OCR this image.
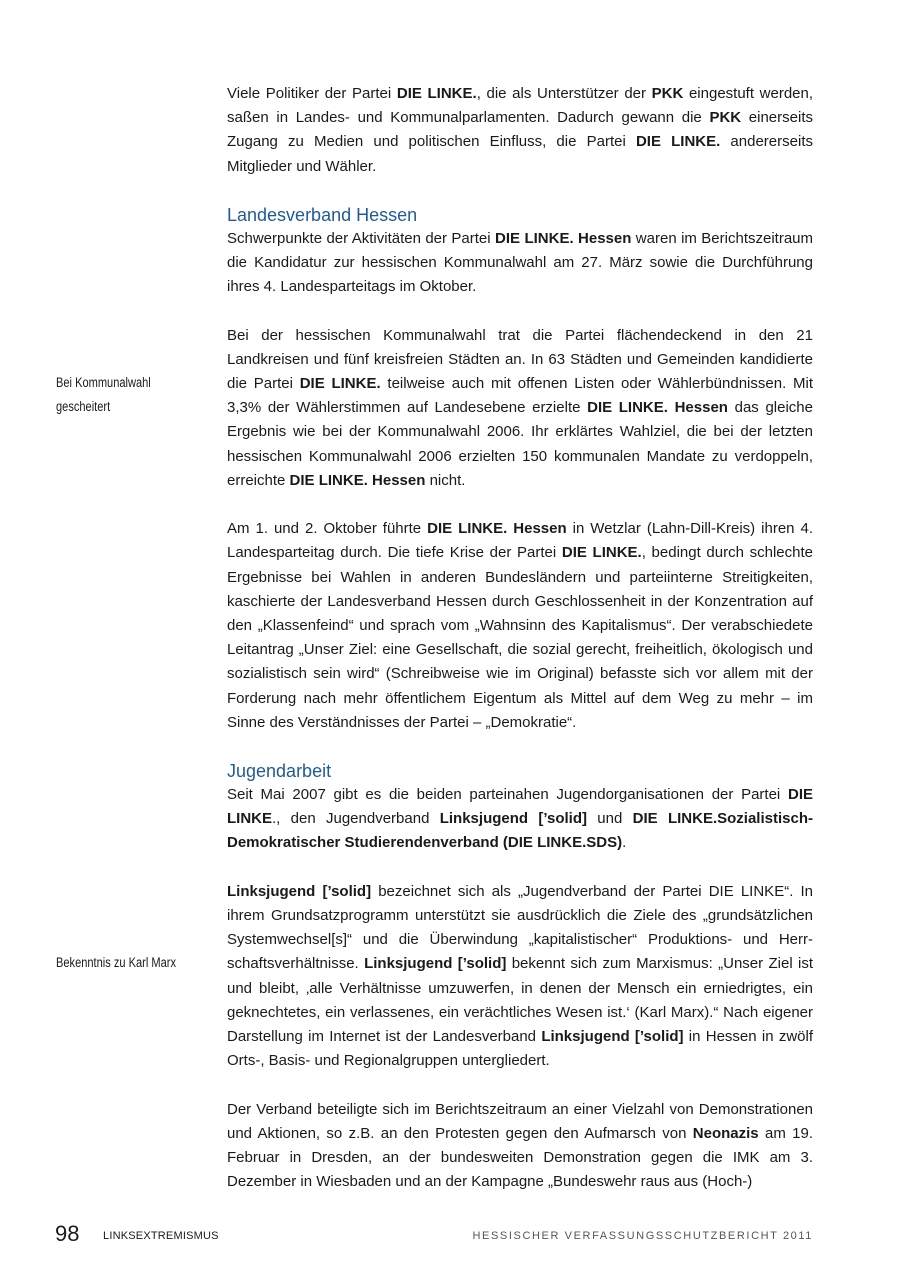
Viele Politiker der Partei DIE LINKE., die als Unterstützer der PKK eingestuft werden, saßen in Landes- und Kommunalparlamenten. Dadurch gewann die PKK einerseits Zugang zu Medien und politischen Einfluss, die Partei DIE LINKE. andererseits Mitglieder und Wähler.

Landesverband Hessen

Schwerpunkte der Aktivitäten der Partei DIE LINKE. Hessen waren im Berichtszeitraum die Kandidatur zur hessischen Kommunalwahl am 27. März sowie die Durchführung ihres 4. Landesparteitags im Oktober.

Bei der hessischen Kommunalwahl trat die Partei flächendeckend in den 21 Landkreisen und fünf kreisfreien Städten an. In 63 Städten und Gemeinden kandidierte die Partei DIE LINKE. teilweise auch mit offenen Listen oder Wählerbündnissen. Mit 3,3% der Wählerstimmen auf Landesebene erzielte DIE LINKE. Hessen das gleiche Ergebnis wie bei der Kommunalwahl 2006. Ihr erklärtes Wahlziel, die bei der letzten hessischen Kommunalwahl 2006 erzielten 150 kommunalen Mandate zu verdoppeln, erreichte DIE LINKE. Hessen nicht.

Am 1. und 2. Oktober führte DIE LINKE. Hessen in Wetzlar (Lahn-Dill-Kreis) ihren 4. Landesparteitag durch. Die tiefe Krise der Partei DIE LINKE., bedingt durch schlechte Ergebnisse bei Wahlen in anderen Bundesländern und parteiinterne Streitigkeiten, kaschierte der Landesverband Hessen durch Geschlossenheit in der Konzentration auf den „Klassenfeind“ und sprach vom „Wahnsinn des Kapitalismus“. Der verabschiedete Leitantrag „Unser Ziel: eine Gesellschaft, die sozial gerecht, freiheitlich, ökologisch und sozialistisch sein wird“ (Schreibweise wie im Original) befasste sich vor allem mit der Forderung nach mehr öffentlichem Eigentum als Mittel auf dem Weg zu mehr – im Sinne des Verständnisses der Partei – „Demokratie“.

Jugendarbeit

Seit Mai 2007 gibt es die beiden parteinahen Jugendorganisationen der Partei DIE LINKE., den Jugendverband Linksjugend [’solid] und DIE LINKE.Sozialistisch-Demokratischer Studierendenverband (DIE LINKE.SDS).

Linksjugend [’solid] bezeichnet sich als „Jugendverband der Partei DIE LINKE“. In ihrem Grundsatzprogramm unterstützt sie ausdrücklich die Ziele des „grundsätzlichen Systemwechsel[s]“ und die Überwindung „kapitalistischer“ Produktions- und Herrschaftsverhältnisse. Linksjugend [’solid] bekennt sich zum Marxismus: „Unser Ziel ist und bleibt, ‚alle Verhältnisse umzuwerfen, in denen der Mensch ein erniedrigtes, ein geknechtetes, ein verlassenes, ein verächtliches Wesen ist.‘ (Karl Marx).“ Nach eigener Darstellung im Internet ist der Landesverband Linksjugend [’solid] in Hessen in zwölf Orts-, Basis- und Regionalgruppen untergliedert.

Der Verband beteiligte sich im Berichtszeitraum an einer Vielzahl von Demonstrationen und Aktionen, so z.B. an den Protesten gegen den Aufmarsch von Neonazis am 19. Februar in Dresden, an der bundesweiten Demonstration gegen die IMK am 3. Dezember in Wiesbaden und an der Kampagne „Bundeswehr raus aus (Hoch-)

Bei Kommunalwahl
gescheitert
Bekenntnis zu Karl Marx
98 LINKSEXTREMISMUS	HESSISCHER VERFASSUNGSSCHUTZBERICHT 2011
